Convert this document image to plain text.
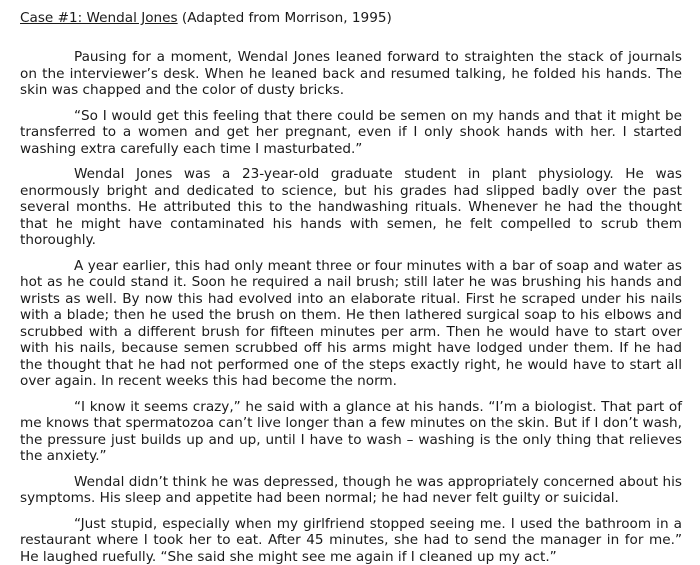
Case #1: Wendal Jones (Adapted from Morrison, 1995)

Pausing for a moment, Wendal Jones leaned forward to straighten the stack of journals on the interviewer’s desk. When he leaned back and resumed talking, he folded his hands. The skin was chapped and the color of dusty bricks.

“So I would get this feeling that there could be semen on my hands and that it might be transferred to a women and get her pregnant, even if I only shook hands with her. I started washing extra carefully each time I masturbated.”

Wendal Jones was a 23-year-old graduate student in plant physiology. He was enormously bright and dedicated to science, but his grades had slipped badly over the past several months. He attributed this to the handwashing rituals. Whenever he had the thought that he might have contaminated his hands with semen, he felt compelled to scrub them thoroughly.

A year earlier, this had only meant three or four minutes with a bar of soap and water as hot as he could stand it. Soon he required a nail brush; still later he was brushing his hands and wrists as well. By now this had evolved into an elaborate ritual. First he scraped under his nails with a blade; then he used the brush on them. He then lathered surgical soap to his elbows and scrubbed with a different brush for fifteen minutes per arm. Then he would have to start over with his nails, because semen scrubbed off his arms might have lodged under them. If he had the thought that he had not performed one of the steps exactly right, he would have to start all over again. In recent weeks this had become the norm.

“I know it seems crazy,” he said with a glance at his hands. “I’m a biologist. That part of me knows that spermatozoa can’t live longer than a few minutes on the skin. But if I don’t wash, the pressure just builds up and up, until I have to wash – washing is the only thing that relieves the anxiety.”

Wendal didn’t think he was depressed, though he was appropriately concerned about his symptoms. His sleep and appetite had been normal; he had never felt guilty or suicidal.

“Just stupid, especially when my girlfriend stopped seeing me. I used the bathroom in a restaurant where I took her to eat. After 45 minutes, she had to send the manager in for me.” He laughed ruefully. “She said she might see me again if I cleaned up my act.”
